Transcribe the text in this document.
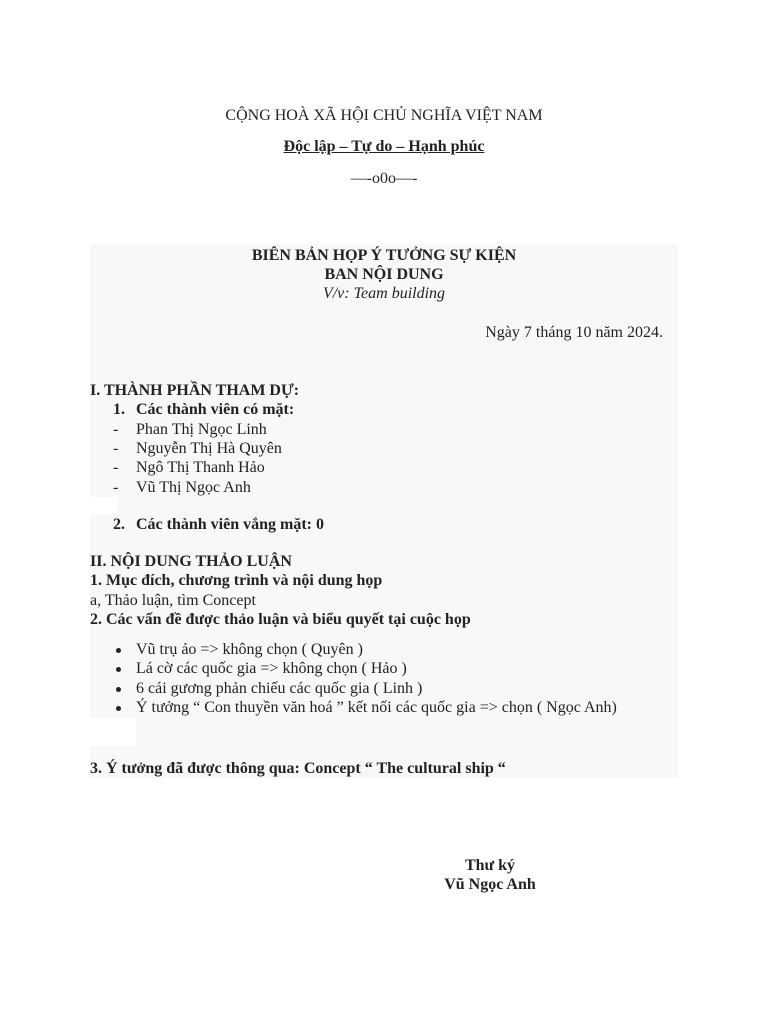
CỘNG HOÀ XÃ HỘI CHỦ NGHĨA VIỆT NAM
Độc lập – Tự do – Hạnh phúc
—-o0o—-
BIÊN BẢN HỌP Ý TƯỞNG SỰ KIỆN
BAN NỘI DUNG
V/v: Team building
Ngày 7 tháng 10 năm 2024.
I. THÀNH PHẦN THAM DỰ:
1. Các thành viên có mặt:
- Phan Thị Ngọc Linh
- Nguyễn Thị Hà Quyên
- Ngô Thị Thanh Hảo
- Vũ Thị Ngọc Anh
2. Các thành viên vắng mặt: 0
II. NỘI DUNG THẢO LUẬN
1. Mục đích, chương trình và nội dung họp
a, Thảo luận, tìm Concept
2. Các vấn đề được thảo luận và biểu quyết tại cuộc họp
Vũ trụ ảo => không chọn ( Quyên )
Lá cờ các quốc gia => không chọn ( Hảo )
6 cái gương phản chiếu các quốc gia ( Linh )
Ý tưởng “ Con thuyền văn hoá ” kết nối các quốc gia => chọn ( Ngọc Anh)
3. Ý tưởng đã được thông qua: Concept “ The cultural ship “
Thư ký
Vũ Ngọc Anh
